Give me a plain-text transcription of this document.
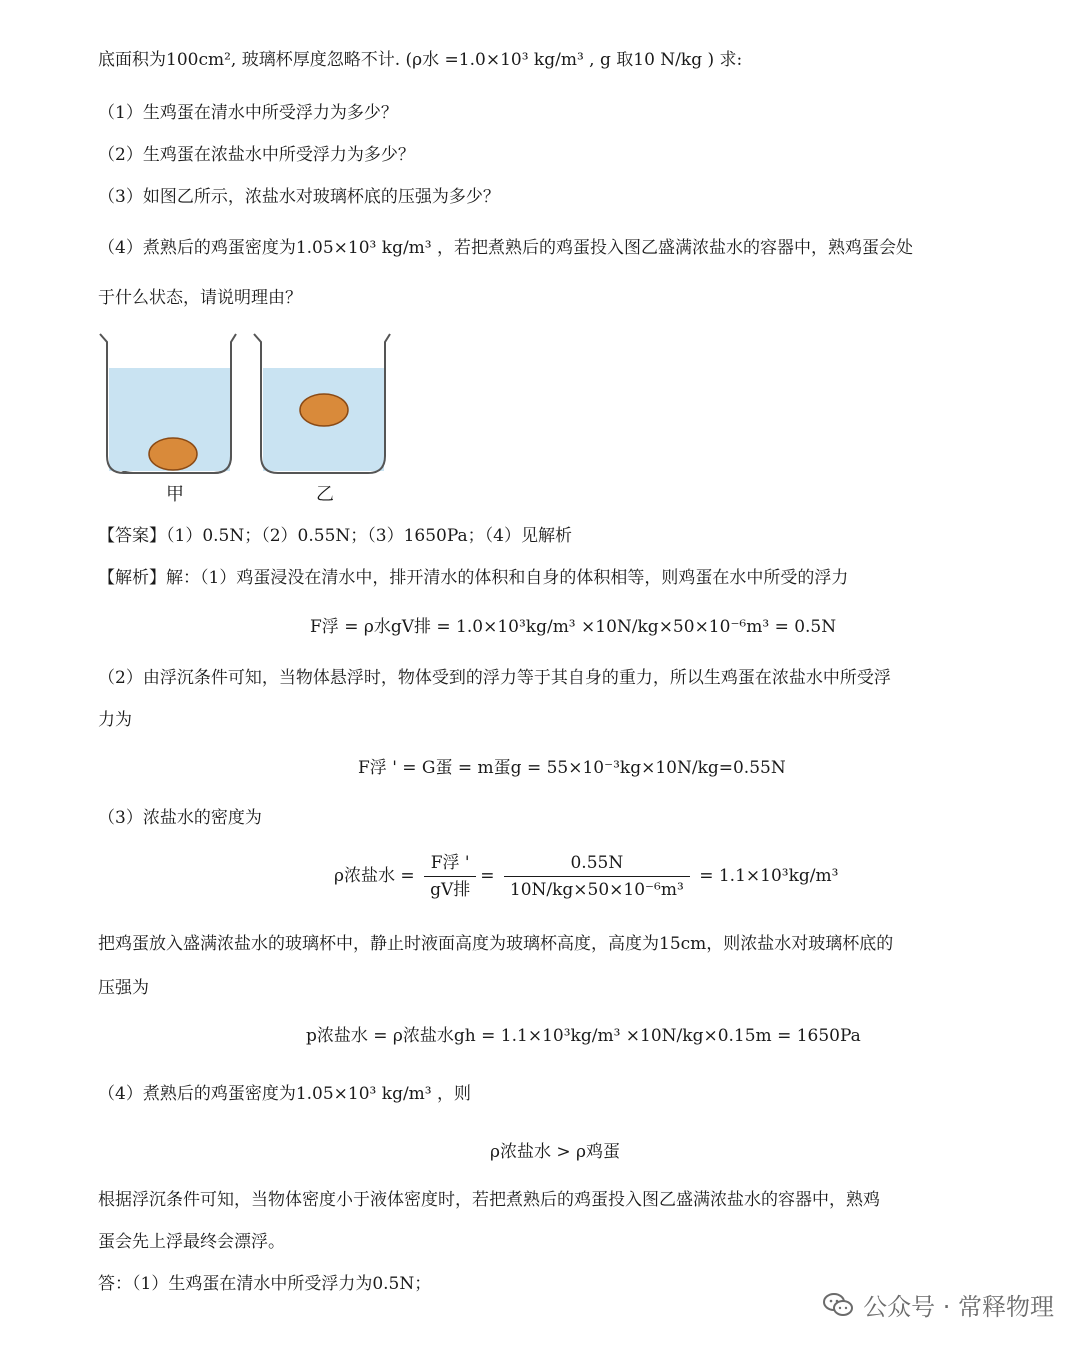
底面积为100cm², 玻璃杯厚度忽略不计. (ρ水 =1.0×10³ kg/m³ , g 取10 N/kg ) 求:
（1）生鸡蛋在清水中所受浮力为多少？
（2）生鸡蛋在浓盐水中所受浮力为多少？
（3）如图乙所示，浓盐水对玻璃杯底的压强为多少？
（4）煮熟后的鸡蛋密度为1.05×10³ kg/m³ ，若把煮熟后的鸡蛋投入图乙盛满浓盐水的容器中，熟鸡蛋会处
于什么状态，请说明理由？
甲	乙
【答案】（1）0.5N；（2）0.55N；（3）1650Pa；（4）见解析
【解析】解：（1）鸡蛋浸没在清水中，排开清水的体积和自身的体积相等，则鸡蛋在水中所受的浮力
F浮 = ρ水gV排 = 1.0×10³kg/m³ ×10N/kg×50×10⁻⁶m³ = 0.5N
（2）由浮沉条件可知，当物体悬浮时，物体受到的浮力等于其自身的重力，所以生鸡蛋在浓盐水中所受浮
力为
F浮 ' = G蛋 = m蛋g = 55×10⁻³kg×10N/kg=0.55N
（3）浓盐水的密度为
ρ浓盐水 = $\frac{\text{F浮 '}}{\text{gV排}} = \frac{0.55N}{\text{10N/kg×50×10⁻⁶m³}} = 1.1\times 10^3kg/m^3$
把鸡蛋放入盛满浓盐水的玻璃杯中，静止时液面高度为玻璃杯高度，高度为15cm，则浓盐水对玻璃杯底的
压强为
p浓盐水 = ρ浓盐水gh = 1.1×10³kg/m³ ×10N/kg×0.15m = 1650Pa
（4）煮熟后的鸡蛋密度为1.05×10³ kg/m³ ，则
ρ浓盐水 > ρ鸡蛋
根据浮沉条件可知，当物体密度小于液体密度时，若把煮熟后的鸡蛋投入图乙盛满浓盐水的容器中，熟鸡
蛋会先上浮最终会漂浮。
答：（1）生鸡蛋在清水中所受浮力为0.5N；
公众号 · 常释物理
